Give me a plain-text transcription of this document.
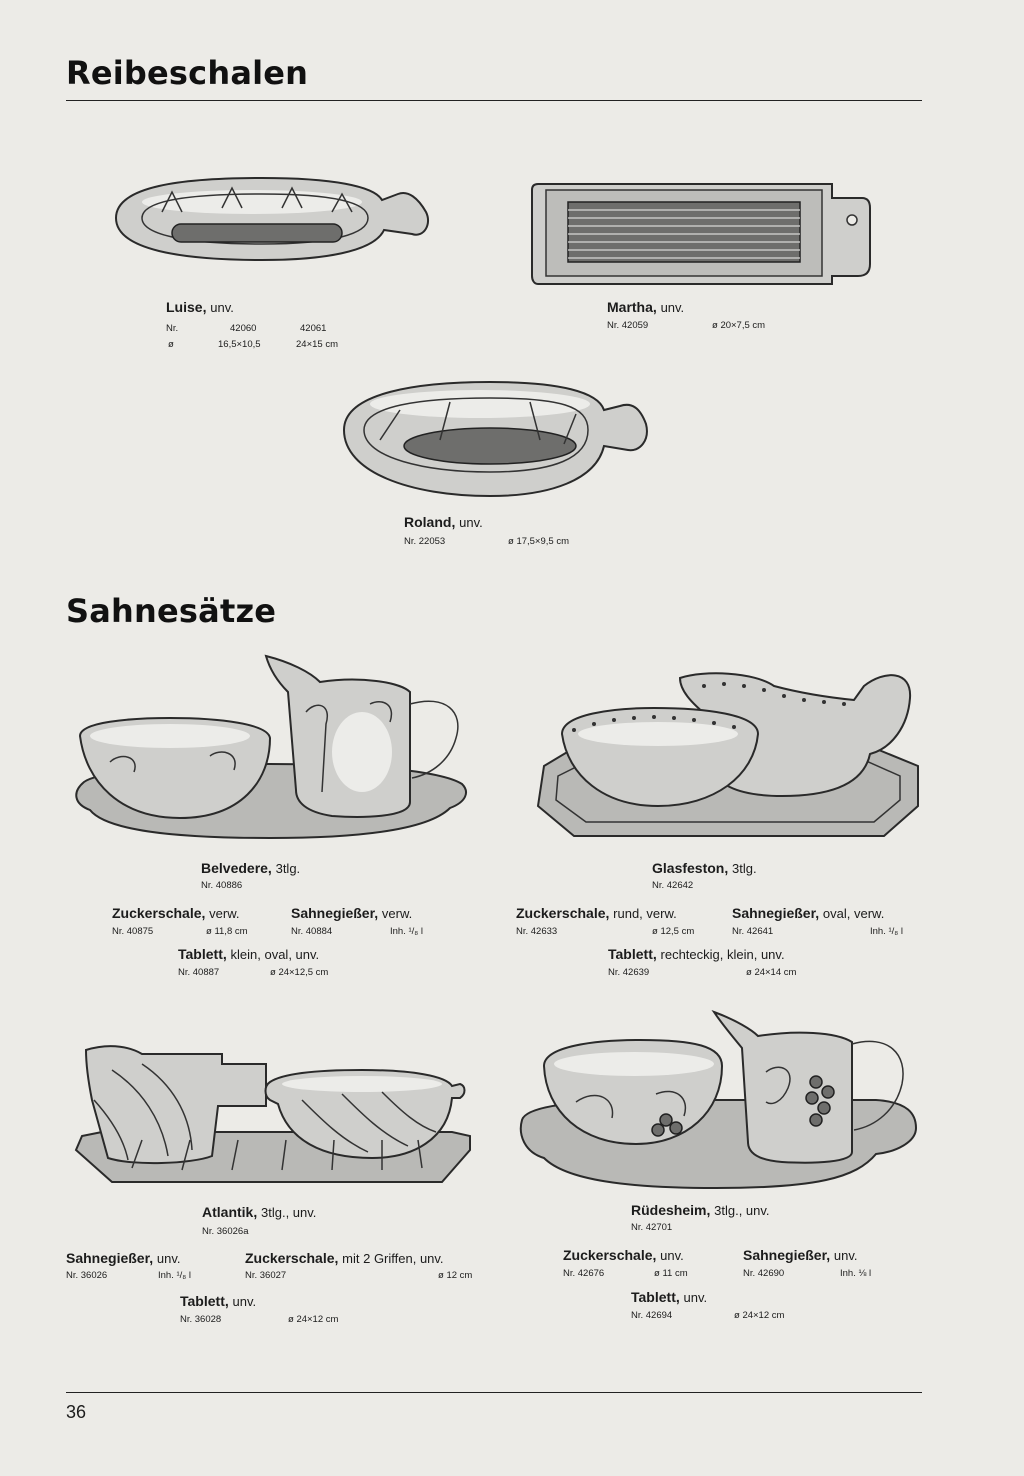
Reibeschalen
Luise, unv.
Nr.	42060	42061
ø	16,5×10,5	24×15 cm
Martha, unv.
Nr. 42059	ø 20×7,5 cm
Roland, unv.
Nr. 22053	ø 17,5×9,5 cm
Sahnesätze
Belvedere, 3tlg.
Nr. 40886
Zuckerschale, verw.
Nr. 40875	ø 11,8 cm
Sahnegießer, verw.
Nr. 40884	Inh. ¹/₈ l
Tablett, klein, oval, unv.
Nr. 40887	ø 24×12,5 cm
Glasfeston, 3tlg.
Nr. 42642
Zuckerschale, rund, verw.
Nr. 42633	ø 12,5 cm
Sahnegießer, oval, verw.
Nr. 42641	Inh. ¹/₈ l
Tablett, rechteckig, klein, unv.
Nr. 42639	ø 24×14 cm
Atlantik, 3tlg., unv.
Nr. 36026a
Sahnegießer, unv.
Nr. 36026	Inh. ¹/₈ l
Zuckerschale, mit 2 Griffen, unv.
Nr. 36027	ø 12 cm
Tablett, unv.
Nr. 36028	ø 24×12 cm
Rüdesheim, 3tlg., unv.
Nr. 42701
Zuckerschale, unv.
Nr. 42676	ø 11 cm
Sahnegießer, unv.
Nr. 42690	Inh. ⅛ l
Tablett, unv.
Nr. 42694	ø 24×12 cm
36
